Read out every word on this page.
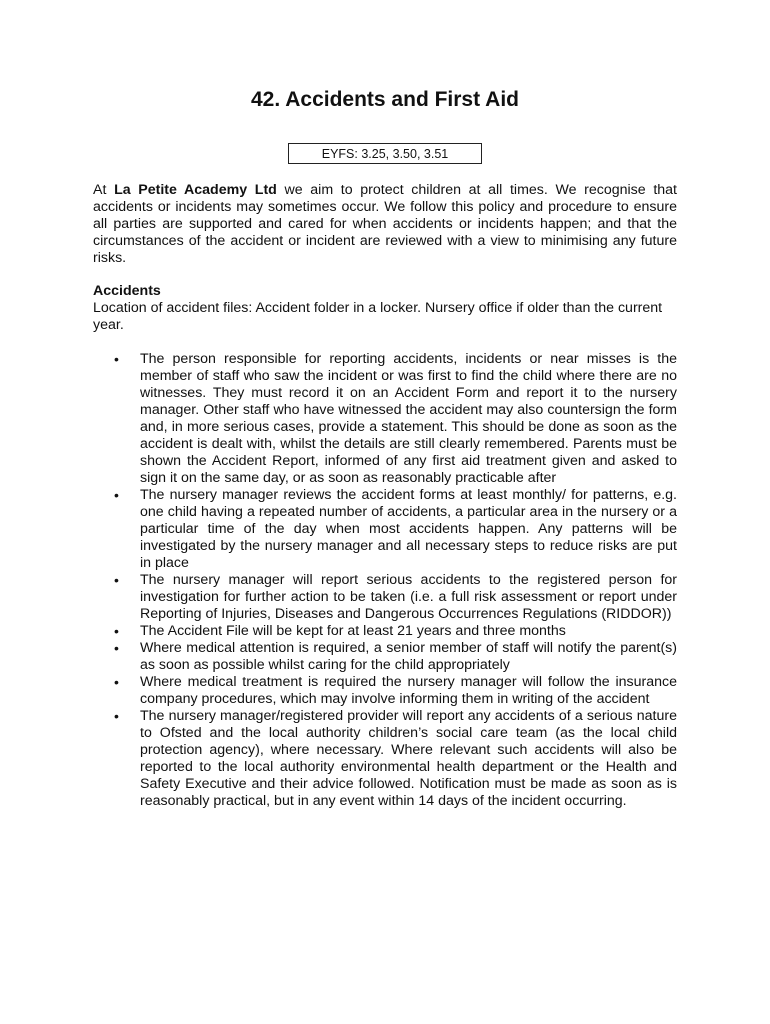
42. Accidents and First Aid
EYFS: 3.25, 3.50, 3.51

At La Petite Academy Ltd we aim to protect children at all times. We recognise that accidents or incidents may sometimes occur. We follow this policy and procedure to ensure all parties are supported and cared for when accidents or incidents happen; and that the circumstances of the accident or incident are reviewed with a view to minimising any future risks.

Accidents

Location of accident files: Accident folder in a locker. Nursery office if older than the current year.

• The person responsible for reporting accidents, incidents or near misses is the member of staff who saw the incident or was first to find the child where there are no witnesses. They must record it on an Accident Form and report it to the nursery manager. Other staff who have witnessed the accident may also countersign the form and, in more serious cases, provide a statement. This should be done as soon as the accident is dealt with, whilst the details are still clearly remembered. Parents must be shown the Accident Report, informed of any first aid treatment given and asked to sign it on the same day, or as soon as reasonably practicable after
• The nursery manager reviews the accident forms at least monthly/ for patterns, e.g. one child having a repeated number of accidents, a particular area in the nursery or a particular time of the day when most accidents happen. Any patterns will be investigated by the nursery manager and all necessary steps to reduce risks are put in place
• The nursery manager will report serious accidents to the registered person for investigation for further action to be taken (i.e. a full risk assessment or report under Reporting of Injuries, Diseases and Dangerous Occurrences Regulations (RIDDOR))
• The Accident File will be kept for at least 21 years and three months
• Where medical attention is required, a senior member of staff will notify the parent(s) as soon as possible whilst caring for the child appropriately
• Where medical treatment is required the nursery manager will follow the insurance company procedures, which may involve informing them in writing of the accident
• The nursery manager/registered provider will report any accidents of a serious nature to Ofsted and the local authority children’s social care team (as the local child protection agency), where necessary. Where relevant such accidents will also be reported to the local authority environmental health department or the Health and Safety Executive and their advice followed. Notification must be made as soon as is reasonably practical, but in any event within 14 days of the incident occurring.
